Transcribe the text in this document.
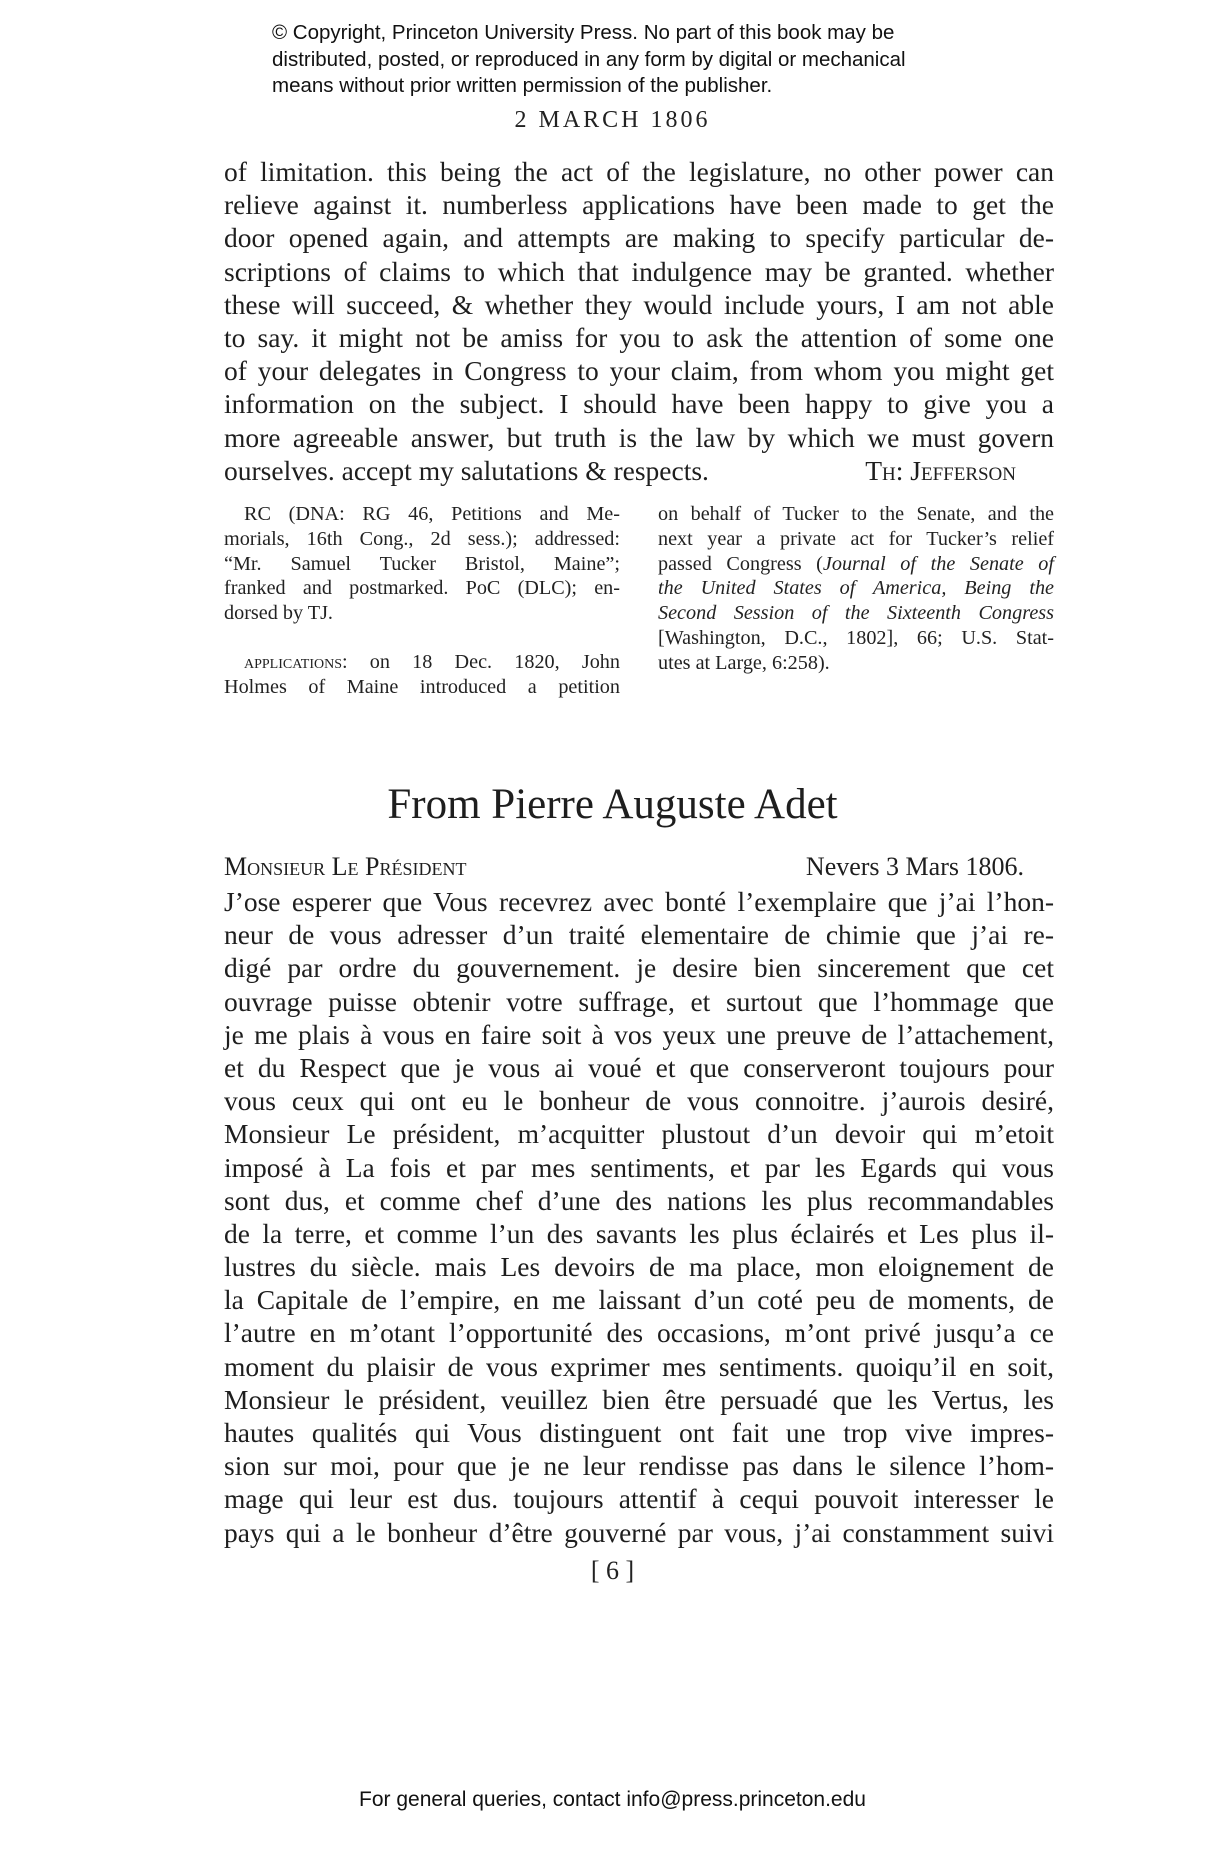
© Copyright, Princeton University Press. No part of this book may be
distributed, posted, or reproduced in any form by digital or mechanical
means without prior written permission of the publisher.
2 MARCH 1806
of limitation. this being the act of the legislature, no other power can
relieve against it. numberless applications have been made to get the
door opened again, and attempts are making to specify particular de-
scriptions of claims to which that indulgence may be granted. whether
these will succeed, & whether they would include yours, I am not able
to say. it might not be amiss for you to ask the attention of some one
of your delegates in Congress to your claim, from whom you might get
information on the subject. I should have been happy to give you a
more agreeable answer, but truth is the law by which we must govern
ourselves. accept my salutations & respects.	Th: Jefferson
RC (DNA: RG 46, Petitions and Me-
morials, 16th Cong., 2d sess.); addressed:
“Mr. Samuel Tucker Bristol, Maine”;
franked and postmarked. PoC (DLC); en-
dorsed by TJ.
applications: on 18 Dec. 1820, John
Holmes of Maine introduced a petition
on behalf of Tucker to the Senate, and the
next year a private act for Tucker’s relief
passed Congress (Journal of the Senate of
the United States of America, Being the
Second Session of the Sixteenth Congress
[Washington, D.C., 1802], 66; U.S. Stat-
utes at Large, 6:258).
From Pierre Auguste Adet
Monsieur Le Président	Nevers 3 Mars 1806.
J’ose esperer que Vous recevrez avec bonté l’exemplaire que j’ai l’hon-
neur de vous adresser d’un traité elementaire de chimie que j’ai re-
digé par ordre du gouvernement. je desire bien sincerement que cet
ouvrage puisse obtenir votre suffrage, et surtout que l’hommage que
je me plais à vous en faire soit à vos yeux une preuve de l’attachement,
et du Respect que je vous ai voué et que conserveront toujours pour
vous ceux qui ont eu le bonheur de vous connoitre. j’aurois desiré,
Monsieur Le président, m’acquitter plustout d’un devoir qui m’etoit
imposé à La fois et par mes sentiments, et par les Egards qui vous
sont dus, et comme chef d’une des nations les plus recommandables
de la terre, et comme l’un des savants les plus éclairés et Les plus il-
lustres du siècle. mais Les devoirs de ma place, mon eloignement de
la Capitale de l’empire, en me laissant d’un coté peu de moments, de
l’autre en m’otant l’opportunité des occasions, m’ont privé jusqu’a ce
moment du plaisir de vous exprimer mes sentiments. quoiqu’il en soit,
Monsieur le président, veuillez bien être persuadé que les Vertus, les
hautes qualités qui Vous distinguent ont fait une trop vive impres-
sion sur moi, pour que je ne leur rendisse pas dans le silence l’hom-
mage qui leur est dus. toujours attentif à cequi pouvoit interesser le
pays qui a le bonheur d’être gouverné par vous, j’ai constamment suivi
[ 6 ]
For general queries, contact info@press.princeton.edu
